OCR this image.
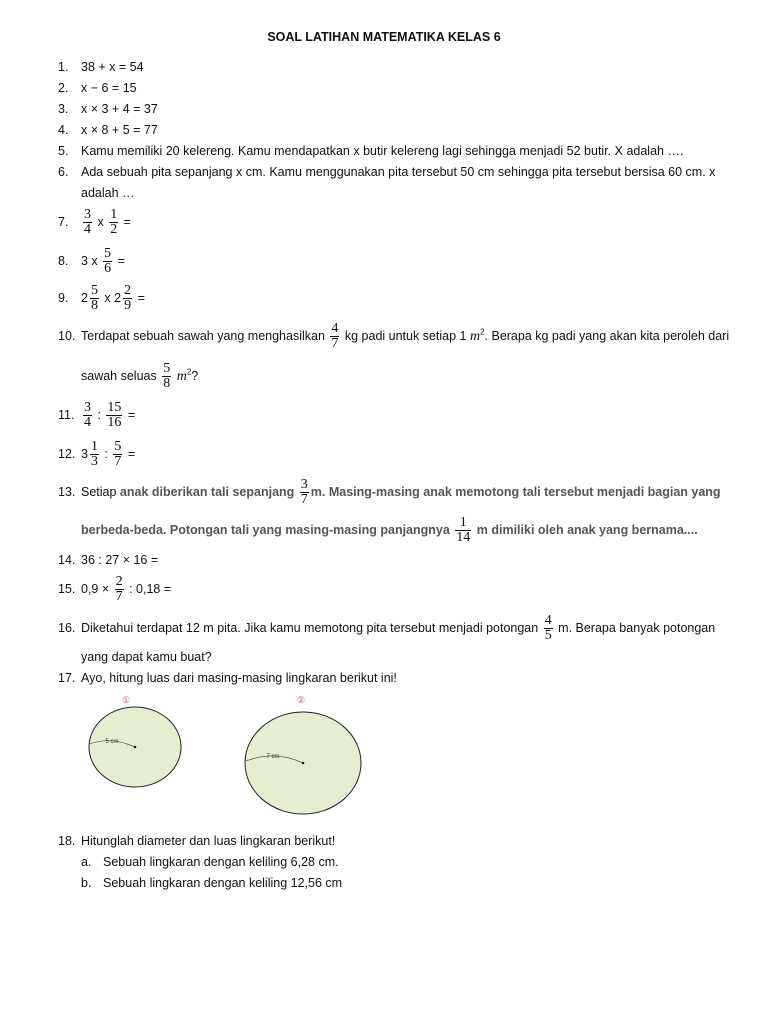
SOAL LATIHAN MATEMATIKA KELAS 6
1. 38 + x = 54
2. x − 6 = 15
3. x × 3 + 4 = 37
4. x × 8 + 5 = 77
5. Kamu memiliki 20 kelereng. Kamu mendapatkan x butir kelereng lagi sehingga menjadi 52 butir. X adalah ….
6. Ada sebuah pita sepanjang x cm. Kamu menggunakan pita tersebut 50 cm sehingga pita tersebut bersisa 60 cm. x
adalah …
7. $\frac{3}{4}$ x $\frac{1}{2}$ =
8. 3 x $\frac{5}{6}$ =
9. $2 \frac{5}{8}$ x $2 \frac{2}{9}$ =
10. Terdapat sebuah sawah yang menghasilkan $\frac{4}{7}$ kg padi untuk setiap 1 $m^2$. Berapa kg padi yang akan kita peroleh dari
sawah seluas $\frac{5}{8} m^2$?
11. $\frac{3}{4}$ : $\frac{15}{16}$ =
12. $3 \frac{1}{3}$ : $\frac{5}{7}$ =
13. Setiap anak diberikan tali sepanjang $\frac{3}{7} m$. Masing-masing anak memotong tali tersebut menjadi bagian yang
berbeda-beda. Potongan tali yang masing-masing panjangnya $\frac{1}{14}$ m dimiliki oleh anak yang bernama....
14. 36 : 27 × 16 =
15. $0,9 \times \frac{2}{7}$ : 0,18 =
16. Diketahui terdapat 12 m pita. Jika kamu memotong pita tersebut menjadi potongan $\frac{4}{5} m$. Berapa banyak potongan
yang dapat kamu buat?
17. Ayo, hitung luas dari masing-masing lingkaran berikut ini!
①
5 cm
②
7 cm
18. Hitunglah diameter dan luas lingkaran berikut!
a. Sebuah lingkaran dengan keliling 6,28 cm.
b. Sebuah lingkaran dengan keliling 12,56 cm
